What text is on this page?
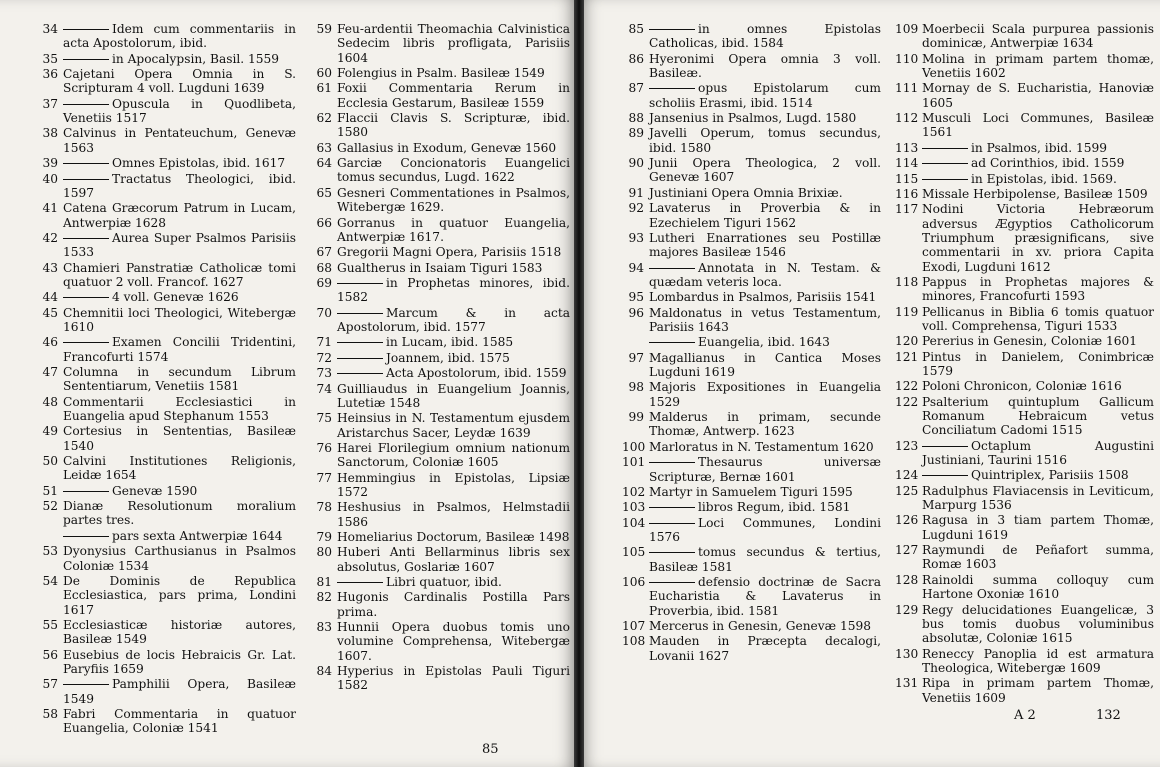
34	Idem cum commentariis in acta Apostolorum, ibid.
35	in Apocalypsin, Basil. 1559
36 Cajetani Opera Omnia in S. Scripturam 4 voll. Lugduni 1639
37	Opuscula in Quodlibeta, Venetiis 1517
38 Calvinus in Pentateuchum, Genevæ 1563
39	Omnes Epistolas, ibid. 1617
40	Tractatus Theologici, ibid. 1597
41 Catena Græcorum Patrum in Lucam, Antwerpiæ 1628
42	Aurea Super Psalmos Parisiis 1533
43 Chamieri Panstratiæ Catholicæ tomi quatuor 2 voll. Francof. 1627
44	4 voll. Genevæ 1626
45 Chemnitii loci Theologici, Witebergæ 1610
46	Examen Concilii Tridentini, Francofurti 1574
47 Columna in secundum Librum Sententiarum, Venetiis 1581
48 Commentarii Ecclesiastici in Euangelia apud Stephanum 1553
49 Cortesius in Sententias, Basileæ 1540
50 Calvini Institutiones Religionis, Leidæ 1654
51	Genevæ 1590
52 Dianæ Resolutionum moralium partes tres.
pars sexta Antwerpiæ 1644
53 Dyonysius Carthusianus in Psalmos Coloniæ 1534
54 De Dominis de Republica Ecclesiastica, pars prima, Londini 1617
55 Ecclesiasticæ historiæ autores, Basileæ 1549
56 Eusebius de locis Hebraicis Gr. Lat. Paryfiis 1659
57	Pamphilii Opera, Basileæ 1549
58 Fabri Commentaria in quatuor Euangelia, Coloniæ 1541
59 Feu-ardentii Theomachia Calvinistica Sedecim libris profligata, Parisiis 1604
60 Folengius in Psalm. Basileæ 1549
61 Foxii Commentaria Rerum in Ecclesia Gestarum, Basileæ 1559
62 Flaccii Clavis S. Scripturæ, ibid. 1580
63 Gallasius in Exodum, Genevæ 1560
64 Garciæ Concionatoris Euangelici tomus secundus, Lugd. 1622
65 Gesneri Commentationes in Psalmos, Witebergæ 1629.
66 Gorranus in quatuor Euangelia, Antwerpiæ 1617.
67 Gregorii Magni Opera, Parisiis 1518
68 Gualtherus in Isaiam Tiguri 1583
69	in Prophetas minores, ibid. 1582
70	Marcum & in acta Apostolorum, ibid. 1577
71	in Lucam, ibid. 1585
72	Joannem, ibid. 1575
73	Acta Apostolorum, ibid. 1559
74 Guilliaudus in Euangelium Joannis, Lutetiæ 1548
75 Heinsius in N. Testamentum ejusdem Aristarchus Sacer, Leydæ 1639
76 Harei Florilegium omnium nationum Sanctorum, Coloniæ 1605
77 Hemmingius in Epistolas, Lipsiæ 1572
78 Heshusius in Psalmos, Helmstadii 1586
79 Homeliarius Doctorum, Basileæ 1498
80 Huberi Anti Bellarminus libris sex absolutus, Goslariæ 1607
81	Libri quatuor, ibid.
82 Hugonis Cardinalis Postilla Pars prima.
83 Hunnii Opera duobus tomis uno volumine Comprehensa, Witebergæ 1607.
84 Hyperius in Epistolas Pauli Tiguri 1582
85
85	in omnes Epistolas Catholicas, ibid. 1584
86 Hyeronimi Opera omnia 3 voll. Basileæ.
87	opus Epistolarum cum scholiis Erasmi, ibid. 1514
88 Jansenius in Psalmos, Lugd. 1580
89 Javelli Operum, tomus secundus, ibid. 1580
90 Junii Opera Theologica, 2 voll. Genevæ 1607
91 Justiniani Opera Omnia Brixiæ.
92 Lavaterus in Proverbia & in Ezechielem Tiguri 1562
93 Lutheri Enarrationes seu Postillæ majores Basileæ 1546
94	Annotata in N. Testam. & quædam veteris loca.
95 Lombardus in Psalmos, Parisiis 1541
96 Maldonatus in vetus Testamentum, Parisiis 1643
Euangelia, ibid. 1643
97 Magallianus in Cantica Moses Lugduni 1619
98 Majoris Expositiones in Euangelia 1529
99 Malderus in primam, secunde Thomæ, Antwerp. 1623
100 Marloratus in N. Testamentum 1620
101	Thesaurus universæ Scripturæ, Bernæ 1601
102 Martyr in Samuelem Tiguri 1595
103	libros Regum, ibid. 1581
104	Loci Communes, Londini 1576
105	tomus secundus & tertius, Basileæ 1581
106	defensio doctrinæ de Sacra Eucharistia & Lavaterus in Proverbia, ibid. 1581
107 Mercerus in Genesin, Genevæ 1598
108 Mauden in Præcepta decalogi, Lovanii 1627
109 Moerbecii Scala purpurea passionis dominicæ, Antwerpiæ 1634
110 Molina in primam partem thomæ, Venetiis 1602
111 Mornay de S. Eucharistia, Hanoviæ 1605
112 Musculi Loci Communes, Basileæ 1561
113	in Psalmos, ibid. 1599
114	ad Corinthios, ibid. 1559
115	in Epistolas, ibid. 1569.
116 Missale Herbipolense, Basileæ 1509
117 Nodini Victoria Hebræorum adversus Ægyptios Catholicorum Triumphum præsignificans, sive commentarii in xv. priora Capita Exodi, Lugduni 1612
118 Pappus in Prophetas majores & minores, Francofurti 1593
119 Pellicanus in Biblia 6 tomis quatuor voll. Comprehensa, Tiguri 1533
120 Pererius in Genesin, Coloniæ 1601
121 Pintus in Danielem, Conimbricæ 1579
122 Poloni Chronicon, Coloniæ 1616
122 Psalterium quintuplum Gallicum Romanum Hebraicum vetus Conciliatum Cadomi 1515
123	Octaplum Augustini Justiniani, Taurini 1516
124	Quintriplex, Parisiis 1508
125 Radulphus Flaviacensis in Leviticum, Marpurg 1536
126 Ragusa in 3 tiam partem Thomæ, Lugduni 1619
127 Raymundi de Peñafort summa, Romæ 1603
128 Rainoldi summa colloquy cum Hartone Oxoniæ 1610
129 Regy delucidationes Euangelicæ, 3 bus tomis duobus voluminibus absolutæ, Coloniæ 1615
130 Reneccy Panoplia id est armatura Theologica, Witebergæ 1609
131 Ripa in primam partem Thomæ, Venetiis 1609
A 2	132
